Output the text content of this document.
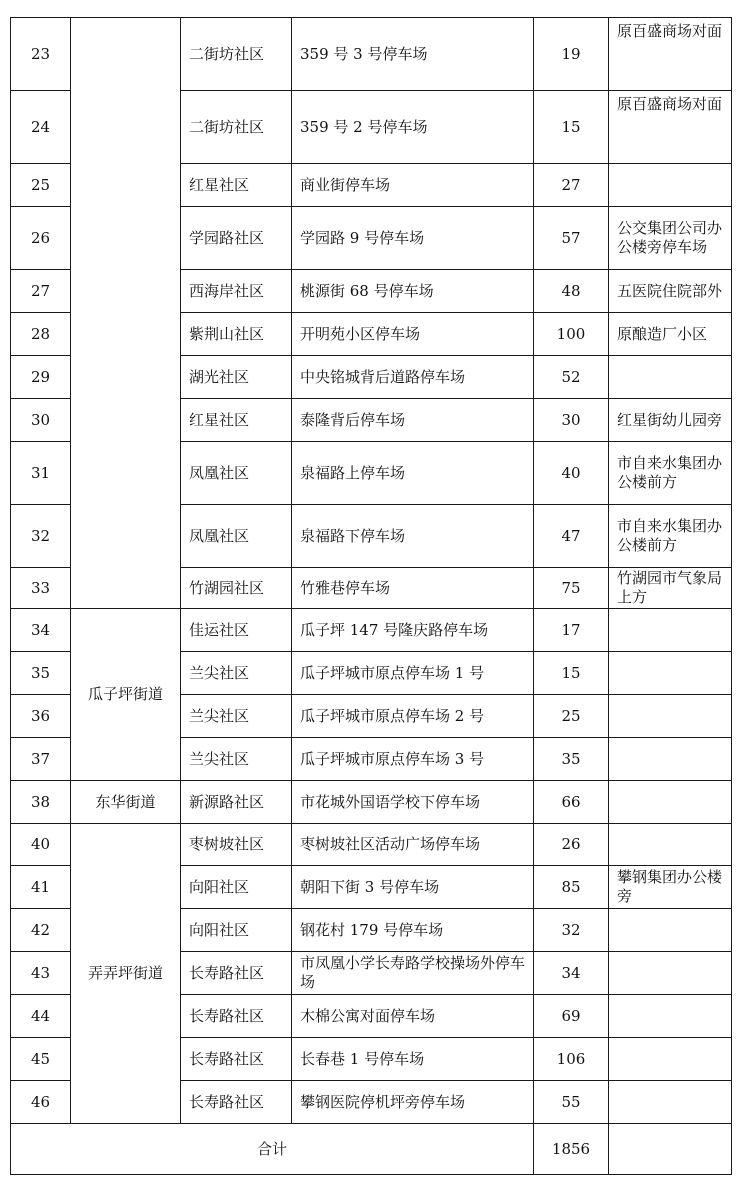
23		二街坊社区	359 号 3 号停车场	19	原百盛商场对面
24		二街坊社区	359 号 2 号停车场	15	原百盛商场对面
25		红星社区	商业街停车场	27	
26		学园路社区	学园路 9 号停车场	57	公交集团公司办公楼旁停车场
27		西海岸社区	桃源街 68 号停车场	48	五医院住院部外
28		紫荆山社区	开明苑小区停车场	100	原酿造厂小区
29		湖光社区	中央铭城背后道路停车场	52	
30		红星社区	泰隆背后停车场	30	红星街幼儿园旁
31		凤凰社区	泉福路上停车场	40	市自来水集团办公楼前方
32		凤凰社区	泉福路下停车场	47	市自来水集团办公楼前方
33		竹湖园社区	竹雅巷停车场	75	竹湖园市气象局上方
34	瓜子坪街道	佳运社区	瓜子坪 147 号隆庆路停车场	17	
35		兰尖社区	瓜子坪城市原点停车场 1 号	15	
36		兰尖社区	瓜子坪城市原点停车场 2 号	25	
37		兰尖社区	瓜子坪城市原点停车场 3 号	35	
38	东华街道	新源路社区	市花城外国语学校下停车场	66	
40	弄弄坪街道	枣树坡社区	枣树坡社区活动广场停车场	26	
41		向阳社区	朝阳下街 3 号停车场	85	攀钢集团办公楼旁
42		向阳社区	钢花村 179 号停车场	32	
43		长寿路社区	市凤凰小学长寿路学校操场外停车场	34	
44		长寿路社区	木棉公寓对面停车场	69	
45		长寿路社区	长春巷 1 号停车场	106	
46		长寿路社区	攀钢医院停机坪旁停车场	55	
合计				1856	
